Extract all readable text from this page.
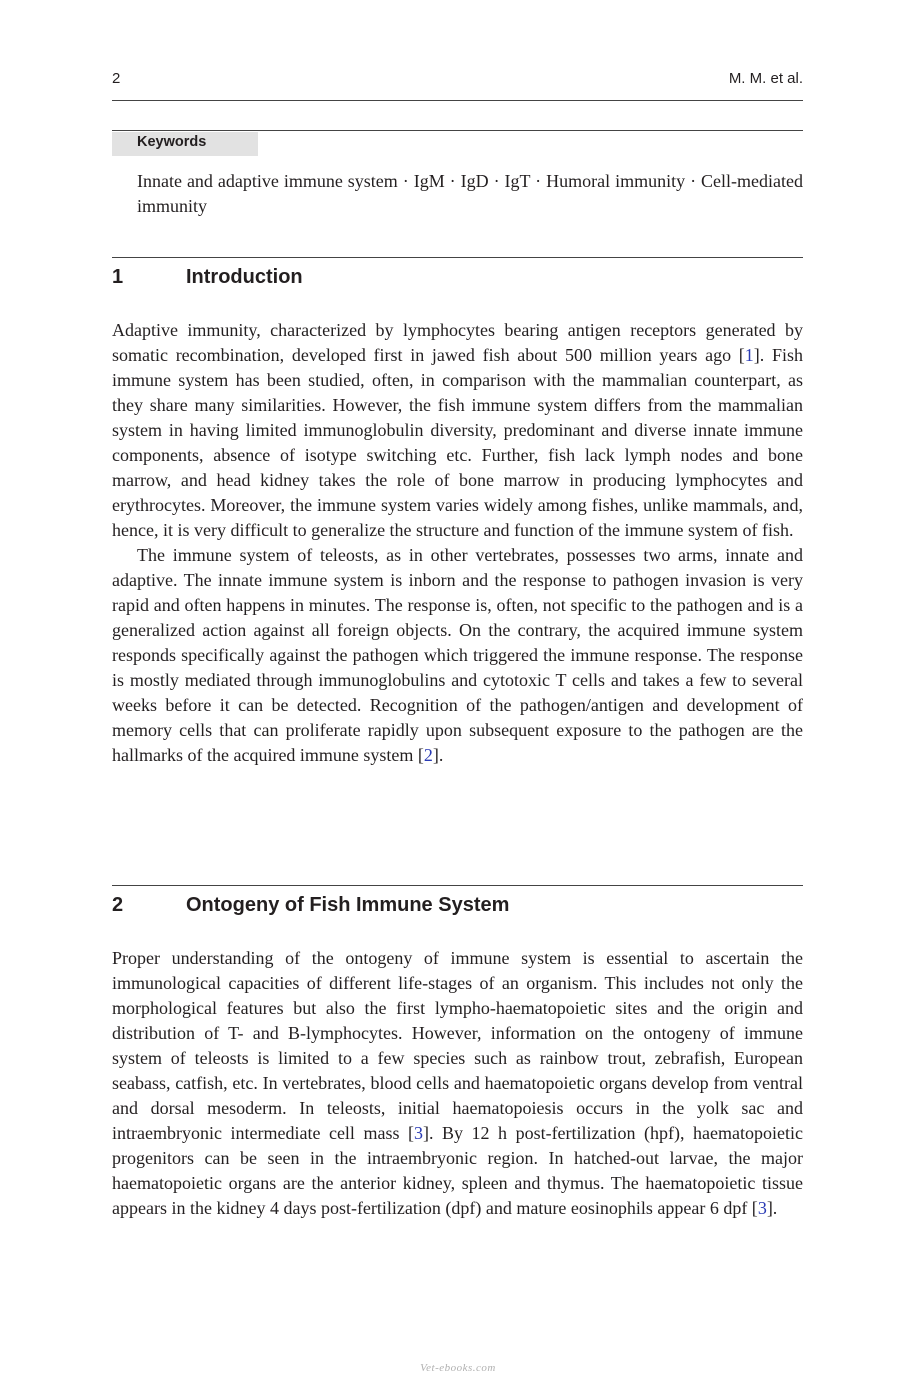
2	M. M. et al.
Keywords
Innate and adaptive immune system · IgM · IgD · IgT · Humoral immunity · Cell-mediated immunity
1	Introduction

Adaptive immunity, characterized by lymphocytes bearing antigen receptors generated by somatic recombination, developed first in jawed fish about 500 million years ago [1]. Fish immune system has been studied, often, in comparison with the mammalian counterpart, as they share many similarities. However, the fish immune system differs from the mammalian system in having limited immunoglobulin diversity, predominant and diverse innate immune components, absence of isotype switching etc. Further, fish lack lymph nodes and bone marrow, and head kidney takes the role of bone marrow in producing lymphocytes and erythrocytes. Moreover, the immune system varies widely among fishes, unlike mammals, and, hence, it is very difficult to generalize the structure and function of the immune system of fish.

The immune system of teleosts, as in other vertebrates, possesses two arms, innate and adaptive. The innate immune system is inborn and the response to pathogen invasion is very rapid and often happens in minutes. The response is, often, not specific to the pathogen and is a generalized action against all foreign objects. On the contrary, the acquired immune system responds specifically against the pathogen which triggered the immune response. The response is mostly mediated through immunoglobulins and cytotoxic T cells and takes a few to several weeks before it can be detected. Recognition of the pathogen/antigen and development of memory cells that can proliferate rapidly upon subsequent exposure to the pathogen are the hallmarks of the acquired immune system [2].

2	Ontogeny of Fish Immune System

Proper understanding of the ontogeny of immune system is essential to ascertain the immunological capacities of different life-stages of an organism. This includes not only the morphological features but also the first lympho-haematopoietic sites and the origin and distribution of T- and B-lymphocytes. However, information on the ontogeny of immune system of teleosts is limited to a few species such as rainbow trout, zebrafish, European seabass, catfish, etc. In vertebrates, blood cells and haematopoietic organs develop from ventral and dorsal mesoderm. In teleosts, initial haematopoiesis occurs in the yolk sac and intraembryonic intermediate cell mass [3]. By 12 h post-fertilization (hpf), haematopoietic progenitors can be seen in the intraembryonic region. In hatched-out larvae, the major haematopoietic organs are the anterior kidney, spleen and thymus. The haematopoietic tissue appears in the kidney 4 days post-fertilization (dpf) and mature eosinophils appear 6 dpf [3].

Vet-ebooks.com
